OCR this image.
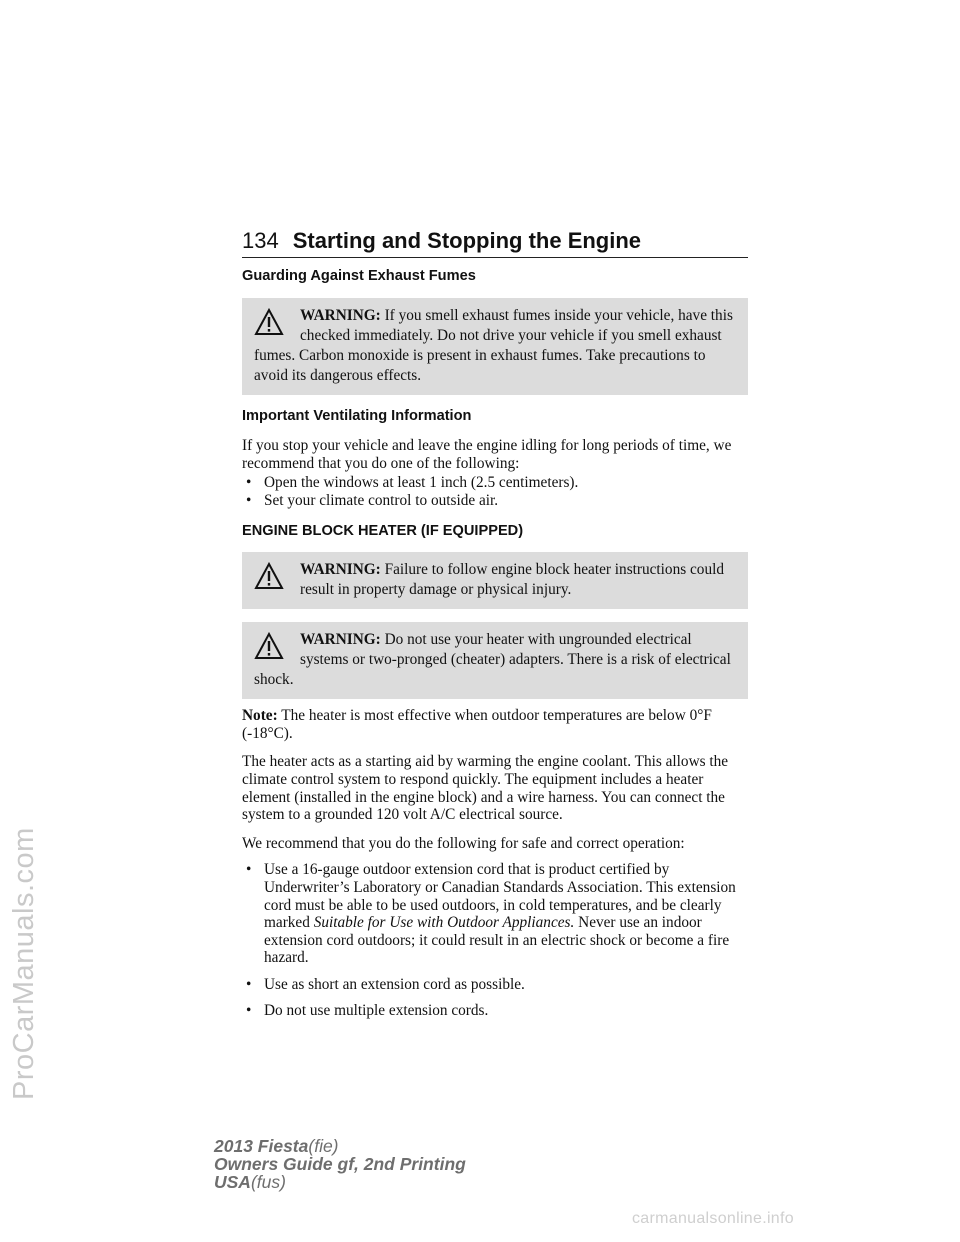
ProCarManuals.com
134 Starting and Stopping the Engine
Guarding Against Exhaust Fumes
WARNING: If you smell exhaust fumes inside your vehicle, have this checked immediately. Do not drive your vehicle if you smell exhaust fumes. Carbon monoxide is present in exhaust fumes. Take precautions to avoid its dangerous effects.
Important Ventilating Information
If you stop your vehicle and leave the engine idling for long periods of time, we recommend that you do one of the following:
• Open the windows at least 1 inch (2.5 centimeters).
• Set your climate control to outside air.
ENGINE BLOCK HEATER (IF EQUIPPED)
WARNING: Failure to follow engine block heater instructions could result in property damage or physical injury.
WARNING: Do not use your heater with ungrounded electrical systems or two-pronged (cheater) adapters. There is a risk of electrical shock.
Note: The heater is most effective when outdoor temperatures are below 0°F (-18°C).
The heater acts as a starting aid by warming the engine coolant. This allows the climate control system to respond quickly. The equipment includes a heater element (installed in the engine block) and a wire harness. You can connect the system to a grounded 120 volt A/C electrical source.
We recommend that you do the following for safe and correct operation:
• Use a 16-gauge outdoor extension cord that is product certified by Underwriter’s Laboratory or Canadian Standards Association. This extension cord must be able to be used outdoors, in cold temperatures, and be clearly marked Suitable for Use with Outdoor Appliances. Never use an indoor extension cord outdoors; it could result in an electric shock or become a fire hazard.
• Use as short an extension cord as possible.
• Do not use multiple extension cords.
2013 Fiesta(fie)
Owners Guide gf, 2nd Printing
USA(fus)
carmanualsonline.info
